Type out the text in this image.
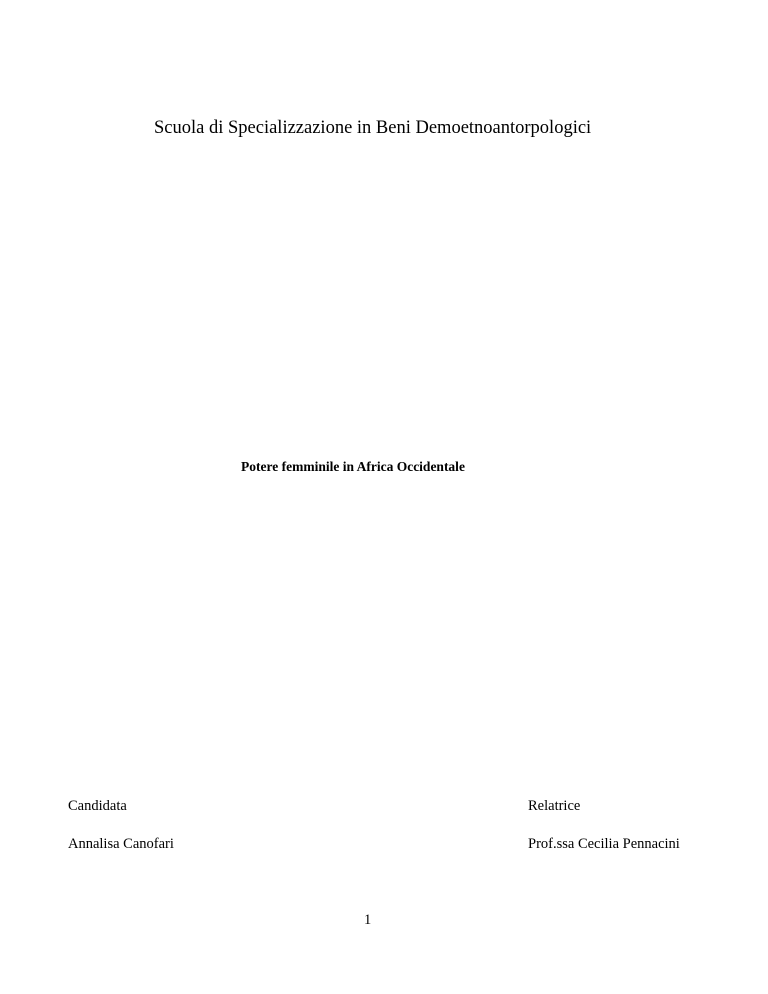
Scuola di Specializzazione in Beni Demoetnoantorpologici
Potere femminile in Africa Occidentale
Candidata
Annalisa Canofari
Relatrice
Prof.ssa Cecilia Pennacini
1
